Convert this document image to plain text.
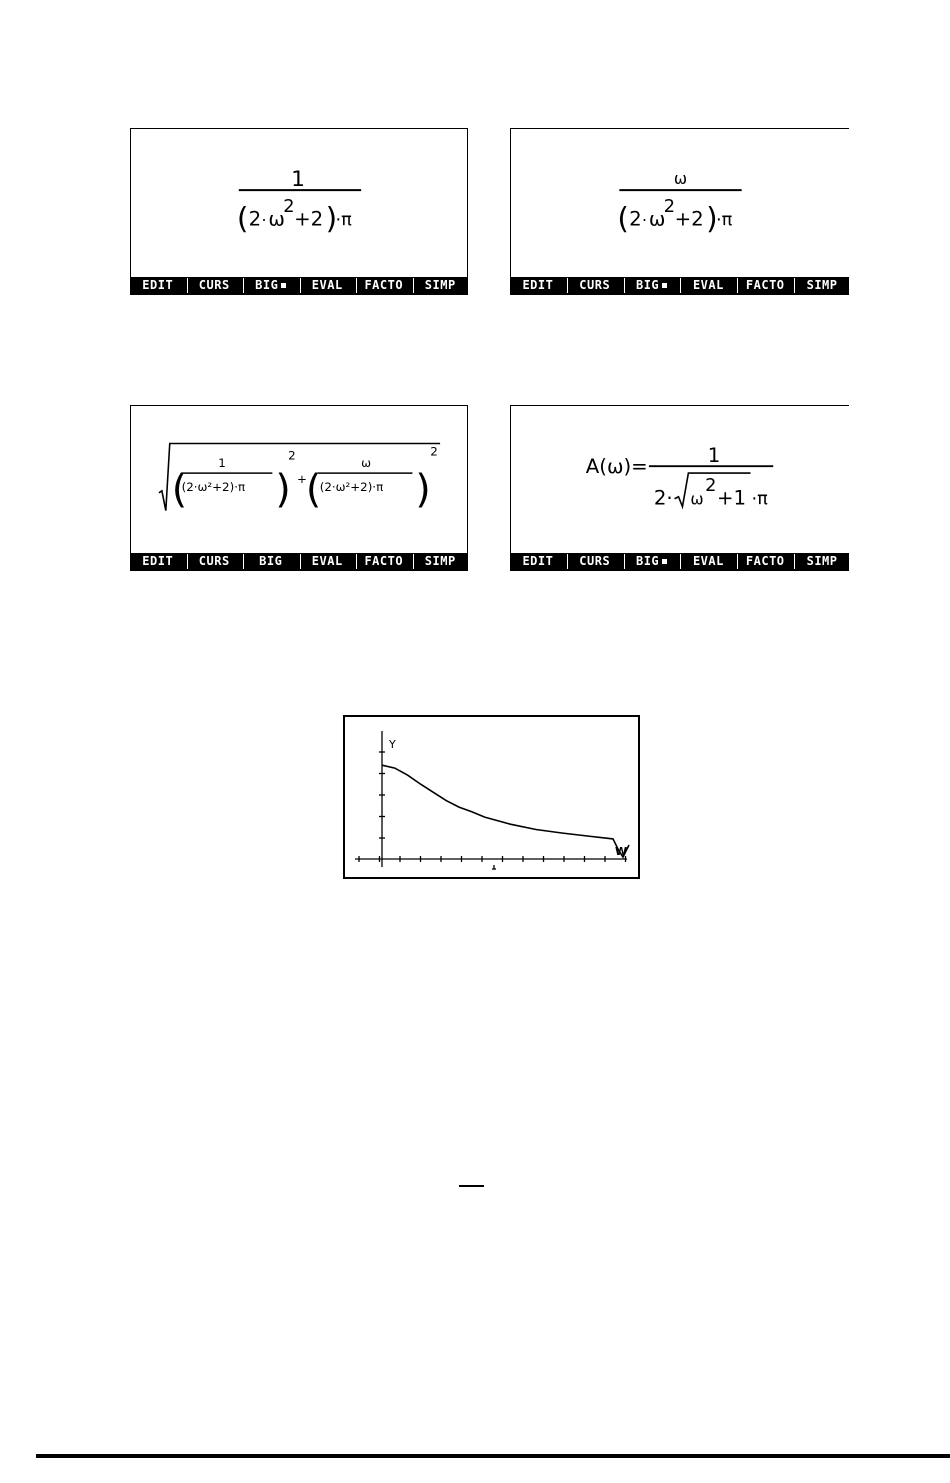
1
( 2 · ω
2
+2 )
·π
EDIT	CURS	BIG	EVAL	FACTO	SIMP
ω
( 2 · ω
2
+2 )
·π
EDIT	CURS	BIG	EVAL	FACTO	SIMP
(
1
(2·ω²+2)·π )
2
+
(
ω
(2·ω²+2)·π )
2
EDIT	CURS	BIG	EVAL	FACTO	SIMP
A(ω)=	1
2· ω
2
+1 ·π
EDIT	CURS	BIG	EVAL	FACTO	SIMP
Y
W
